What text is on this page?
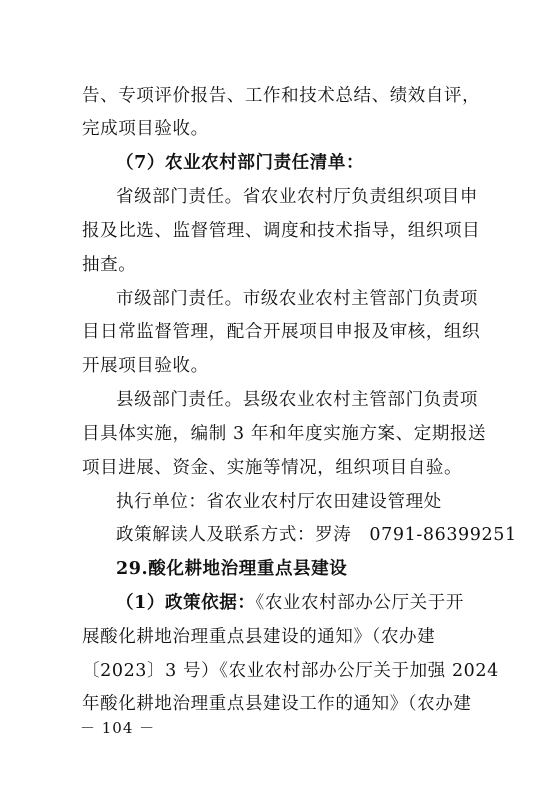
告、专项评价报告、工作和技术总结、绩效自评，
完成项目验收。
（7）农业农村部门责任清单：
省级部门责任。省农业农村厅负责组织项目申
报及比选、监督管理、调度和技术指导，组织项目
抽查。
市级部门责任。市级农业农村主管部门负责项
目日常监督管理，配合开展项目申报及审核，组织
开展项目验收。
县级部门责任。县级农业农村主管部门负责项
目具体实施，编制 3 年和年度实施方案、定期报送
项目进展、资金、实施等情况，组织项目自验。
执行单位：省农业农村厅农田建设管理处
政策解读人及联系方式：罗涛　0791-86399251
29.酸化耕地治理重点县建设
（1）政策依据：《农业农村部办公厅关于开
展酸化耕地治理重点县建设的通知》（农办建
〔2023〕3 号）《农业农村部办公厅关于加强 2024
年酸化耕地治理重点县建设工作的通知》（农办建
－ 104 －
